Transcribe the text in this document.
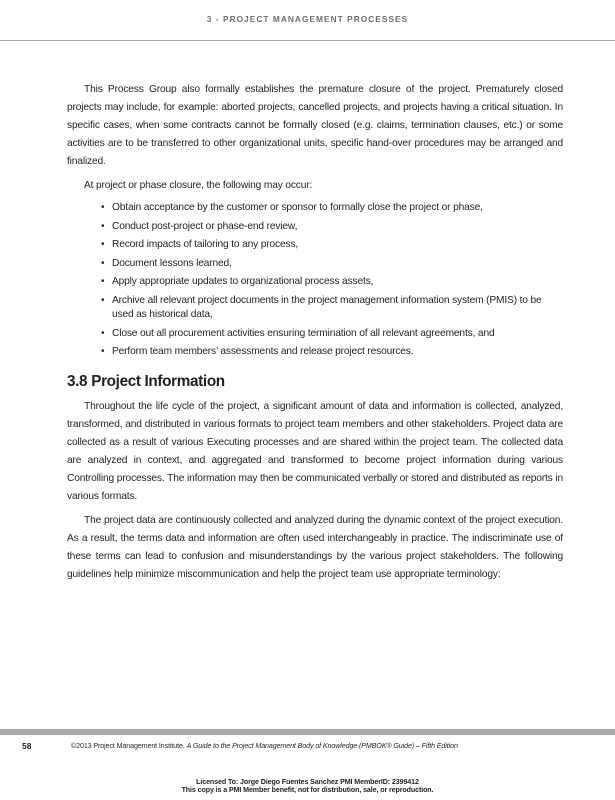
3 - PROJECT MANAGEMENT PROCESSES

This Process Group also formally establishes the premature closure of the project. Prematurely closed projects may include, for example: aborted projects, cancelled projects, and projects having a critical situation. In specific cases, when some contracts cannot be formally closed (e.g. claims, termination clauses, etc.) or some activities are to be transferred to other organizational units, specific hand-over procedures may be arranged and finalized.

At project or phase closure, the following may occur:

• Obtain acceptance by the customer or sponsor to formally close the project or phase,
• Conduct post-project or phase-end review,
• Record impacts of tailoring to any process,
• Document lessons learned,
• Apply appropriate updates to organizational process assets,
• Archive all relevant project documents in the project management information system (PMIS) to be used as historical data,
• Close out all procurement activities ensuring termination of all relevant agreements, and
• Perform team members’ assessments and release project resources.
3.8 Project Information

Throughout the life cycle of the project, a significant amount of data and information is collected, analyzed, transformed, and distributed in various formats to project team members and other stakeholders. Project data are collected as a result of various Executing processes and are shared within the project team. The collected data are analyzed in context, and aggregated and transformed to become project information during various Controlling processes. The information may then be communicated verbally or stored and distributed as reports in various formats.

The project data are continuously collected and analyzed during the dynamic context of the project execution. As a result, the terms data and information are often used interchangeably in practice. The indiscriminate use of these terms can lead to confusion and misunderstandings by the various project stakeholders. The following guidelines help minimize miscommunication and help the project team use appropriate terminology:

58	©2013 Project Management Institute. A Guide to the Project Management Body of Knowledge (PMBOK® Guide) – Fifth Edition
Licensed To: Jorge Diego Fuentes Sanchez PMI MemberID: 2399412
This copy is a PMI Member benefit, not for distribution, sale, or reproduction.
